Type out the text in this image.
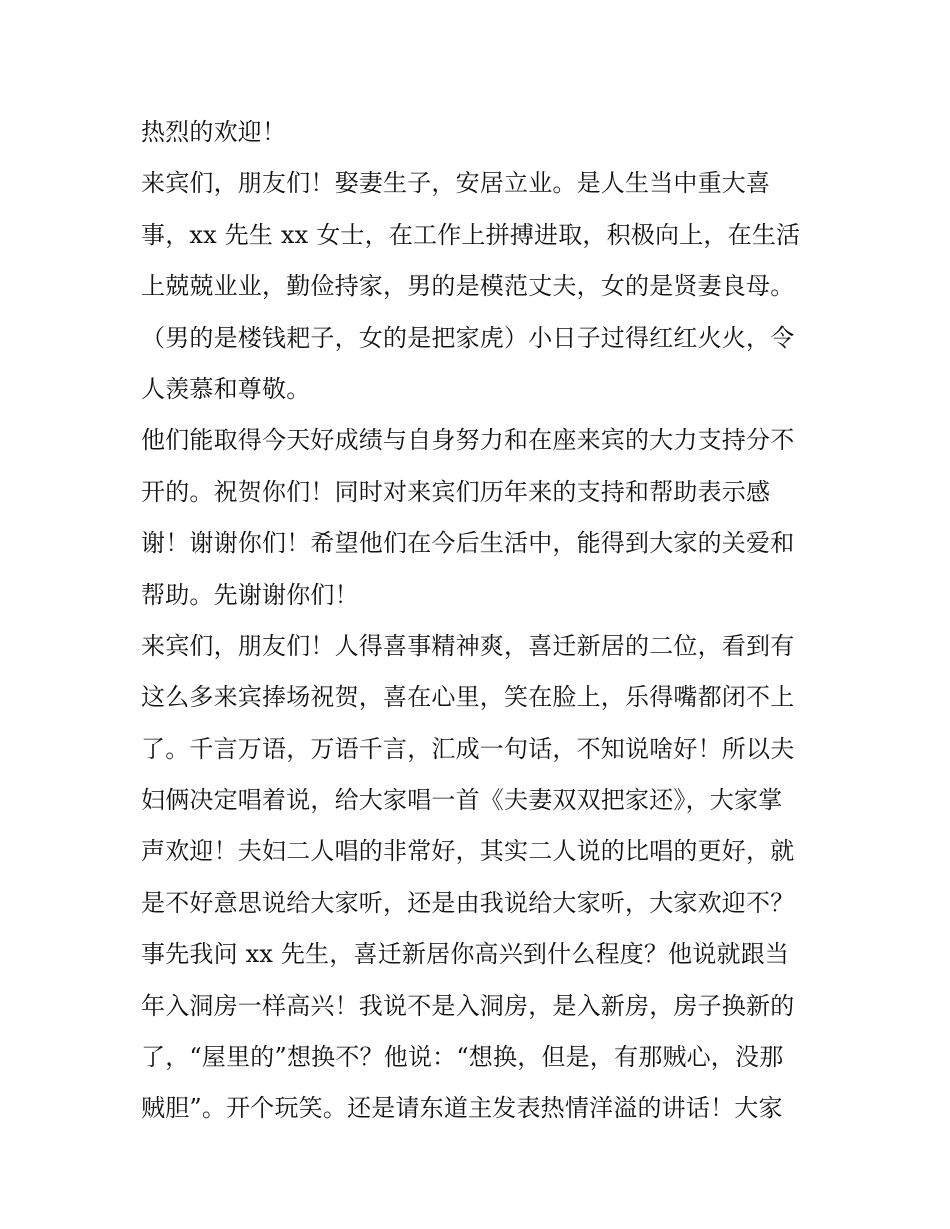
热烈的欢迎！
来宾们，朋友们！娶妻生子，安居立业。是人生当中重大喜
事，xx 先生 xx 女士，在工作上拼搏进取，积极向上，在生活
上兢兢业业，勤俭持家，男的是模范丈夫，女的是贤妻良母。
（男的是楼钱耙子，女的是把家虎）小日子过得红红火火，令
人羡慕和尊敬。
他们能取得今天好成绩与自身努力和在座来宾的大力支持分不
开的。祝贺你们！同时对来宾们历年来的支持和帮助表示感
谢！谢谢你们！希望他们在今后生活中，能得到大家的关爱和
帮助。先谢谢你们！
来宾们，朋友们！人得喜事精神爽，喜迁新居的二位，看到有
这么多来宾捧场祝贺，喜在心里，笑在脸上，乐得嘴都闭不上
了。千言万语，万语千言，汇成一句话，不知说啥好！所以夫
妇俩决定唱着说，给大家唱一首《夫妻双双把家还》，大家掌
声欢迎！夫妇二人唱的非常好，其实二人说的比唱的更好，就
是不好意思说给大家听，还是由我说给大家听，大家欢迎不？
事先我问 xx 先生，喜迁新居你高兴到什么程度？他说就跟当
年入洞房一样高兴！我说不是入洞房，是入新房，房子换新的
了，“屋里的”想换不？他说：“想换，但是，有那贼心，没那
贼胆”。开个玩笑。还是请东道主发表热情洋溢的讲话！大家
